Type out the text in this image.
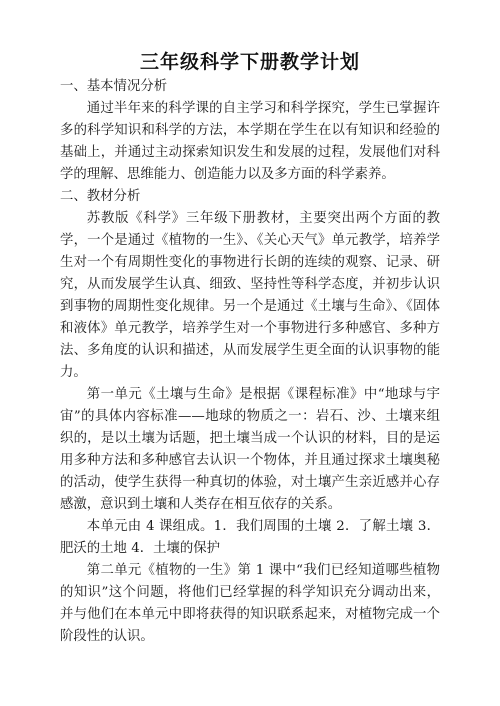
三年级科学下册教学计划
一、基本情况分析

通过半年来的科学课的自主学习和科学探究，学生已掌握许多的科学知识和科学的方法，本学期在学生在以有知识和经验的基础上，并通过主动探索知识发生和发展的过程，发展他们对科学的理解、思维能力、创造能力以及多方面的科学素养。

二、教材分析

苏教版《科学》三年级下册教材，主要突出两个方面的教学，一个是通过《植物的一生》、《关心天气》单元教学，培养学生对一个有周期性变化的事物进行长朗的连续的观察、记录、研究，从而发展学生认真、细致、坚持性等科学态度，并初步认识到事物的周期性变化规律。另一个是通过《土壤与生命》、《固体和液体》单元教学，培养学生对一个事物进行多种感官、多种方法、多角度的认识和描述，从而发展学生更全面的认识事物的能力。

第一单元《土壤与生命》是根据《课程标准》中“地球与宇宙”的具体内容标准——地球的物质之一：岩石、沙、土壤来组织的，是以土壤为话题，把土壤当成一个认识的材料，目的是运用多种方法和多种感官去认识一个物体，并且通过探求土壤奥秘的活动，使学生获得一种真切的体验，对土壤产生亲近感并心存感激，意识到土壤和人类存在相互依存的关系。

本单元由 4 课组成。1．我们周围的土壤 2．了解土壤 3．肥沃的土地 4．土壤的保护

第二单元《植物的一生》第 1 课中“我们已经知道哪些植物的知识”这个问题，将他们已经掌握的科学知识充分调动出来，并与他们在本单元中即将获得的知识联系起来，对植物完成一个阶段性的认识。
